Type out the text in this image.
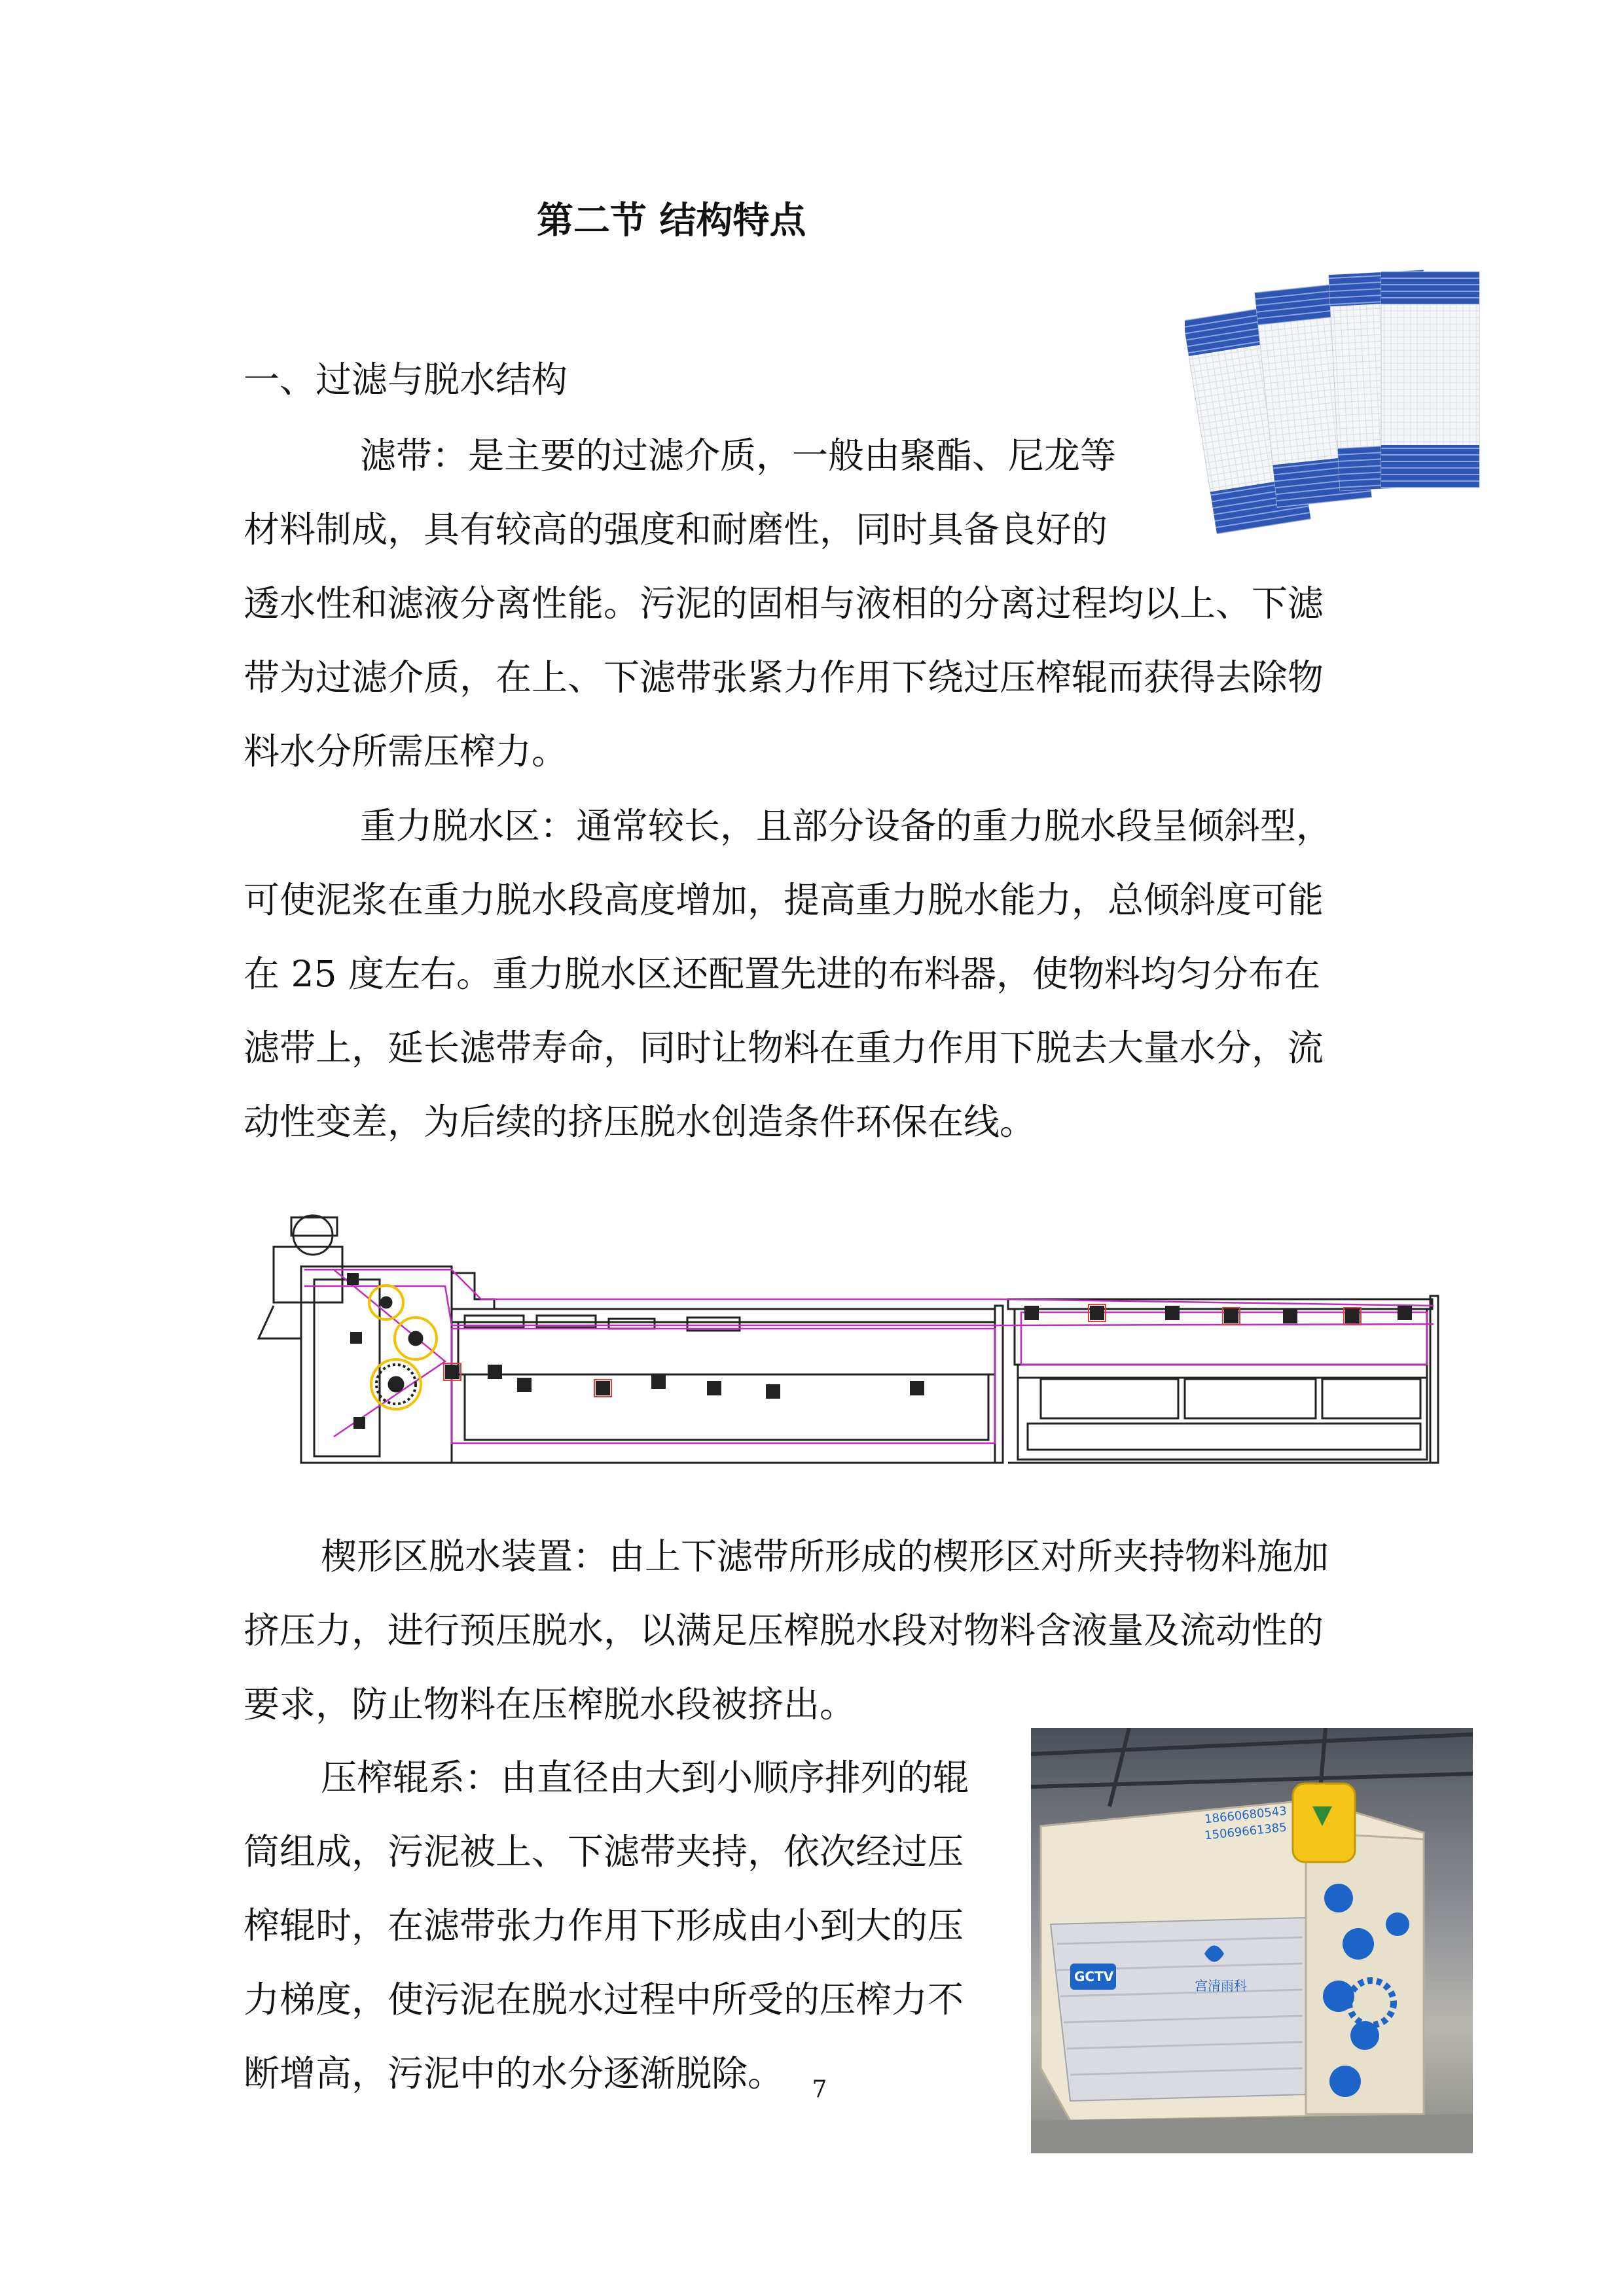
第二节 结构特点
一、过滤与脱水结构

滤带：是主要的过滤介质，一般由聚酯、尼龙等

材料制成，具有较高的强度和耐磨性，同时具备良好的

透水性和滤液分离性能。污泥的固相与液相的分离过程均以上、下滤

带为过滤介质，在上、下滤带张紧力作用下绕过压榨辊而获得去除物

料水分所需压榨力。

重力脱水区：通常较长，且部分设备的重力脱水段呈倾斜型，

可使泥浆在重力脱水段高度增加，提高重力脱水能力，总倾斜度可能

在 25 度左右。重力脱水区还配置先进的布料器，使物料均匀分布在

滤带上，延长滤带寿命，同时让物料在重力作用下脱去大量水分，流

动性变差，为后续的挤压脱水创造条件环保在线。

楔形区脱水装置：由上下滤带所形成的楔形区对所夹持物料施加

挤压力，进行预压脱水，以满足压榨脱水段对物料含液量及流动性的

要求，防止物料在压榨脱水段被挤出。

压榨辊系：由直径由大到小顺序排列的辊

筒组成，污泥被上、下滤带夹持，依次经过压

榨辊时，在滤带张力作用下形成由小到大的压

力梯度，使污泥在脱水过程中所受的压榨力不

断增高，污泥中的水分逐渐脱除。

18660680543
15069661385
GCTV
宫清雨科
7
